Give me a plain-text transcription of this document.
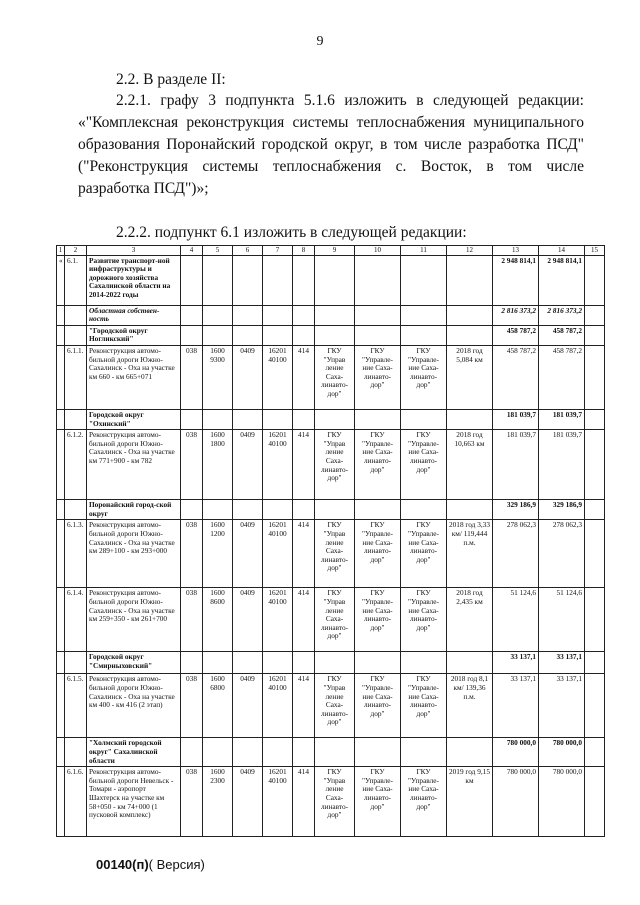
9
2.2. В разделе II:
2.2.1. графу 3 подпункта 5.1.6 изложить в следующей редакции: «"Комплексная реконструкция системы теплоснабжения муниципального образования Поронайский городской округ, в том числе разработка ПСД" ("Реконструкция системы теплоснабжения с. Восток, в том числе разработка ПСД")»;
2.2.2. подпункт 6.1 изложить в следующей редакции:
1	2	3	4	5	6	7	8	9	10	11	12	13	14	15
«	6.1.	Развитие транспорт-ной инфраструктуры и дорожного хозяйства Сахалинской области на 2014-2022 годы										2 948 814,1	2 948 814,1	
		Областная собствен-ность										2 816 373,2	2 816 373,2	
		"Городской округ Ногликский"										458 787,2	458 787,2	
	6.1.1.	Реконструкция автомо-бильной дороги Южно-Сахалинск - Оха на участке км 660 - км 665+071	038	1600 9300	0409	16201 40100	414	ГКУ "Управ ление Саха-линавто-дор"	ГКУ "Управле-ние Саха-линавто-дор"	ГКУ "Управле-ние Саха-линавто-дор"	2018 год 5,084 км	458 787,2	458 787,2	
		Городской округ "Охинский"										181 039,7	181 039,7	
	6.1.2.	Реконструкция автомо-бильной дороги Южно-Сахалинск - Оха на участке км 771+900 - км 782	038	1600 1800	0409	16201 40100	414	ГКУ "Управ ление Саха-линавто-дор"	ГКУ "Управле-ние Саха-линавто-дор"	ГКУ "Управле-ние Саха-линавто-дор"	2018 год 10,663 км	181 039,7	181 039,7	
		Поронайский город-ской округ										329 186,9	329 186,9	
	6.1.3.	Реконструкция автомо-бильной дороги Южно-Сахалинск - Оха на участке км 289+100 - км 293+000	038	1600 1200	0409	16201 40100	414	ГКУ "Управ ление Саха-линавто-дор"	ГКУ "Управле-ние Саха-линавто-дор"	ГКУ "Управле-ние Саха-линавто-дор"	2018 год 3,33 км/ 119,444 п.м.	278 062,3	278 062,3	
	6.1.4.	Реконструкция автомо-бильной дороги Южно-Сахалинск - Оха на участке км 259+350 - км 261+700	038	1600 8600	0409	16201 40100	414	ГКУ "Управ ление Саха-линавто-дор"	ГКУ "Управле-ние Саха-линавто-дор"	ГКУ "Управле-ние Саха-линавто-дор"	2018 год 2,435 км	51 124,6	51 124,6	
		Городской округ "Смирныховский"										33 137,1	33 137,1	
	6.1.5.	Реконструкция автомо-бильной дороги Южно-Сахалинск - Оха на участке км 400 - км 416 (2 этап)	038	1600 6800	0409	16201 40100	414	ГКУ "Управ ление Саха-линавто-дор"	ГКУ "Управле-ние Саха-линавто-дор"	ГКУ "Управле-ние Саха-линавто-дор"	2018 год 8,1 км/ 139,36 п.м.	33 137,1	33 137,1	
		"Холмский городской округ" Сахалинской области										780 000,0	780 000,0	
	6.1.6.	Реконструкция автомо-бильной дороги Невельск - Томари - аэропорт Шахтерск на участке км 58+050 - км 74+000 (1 пусковой комплекс)	038	1600 2300	0409	16201 40100	414	ГКУ "Управ ление Саха-линавто-дор"	ГКУ "Управле-ние Саха-линавто-дор"	ГКУ "Управле-ние Саха-линавто-дор"	2019 год 9,15 км	780 000,0	780 000,0	
00140(п)( Версия)
